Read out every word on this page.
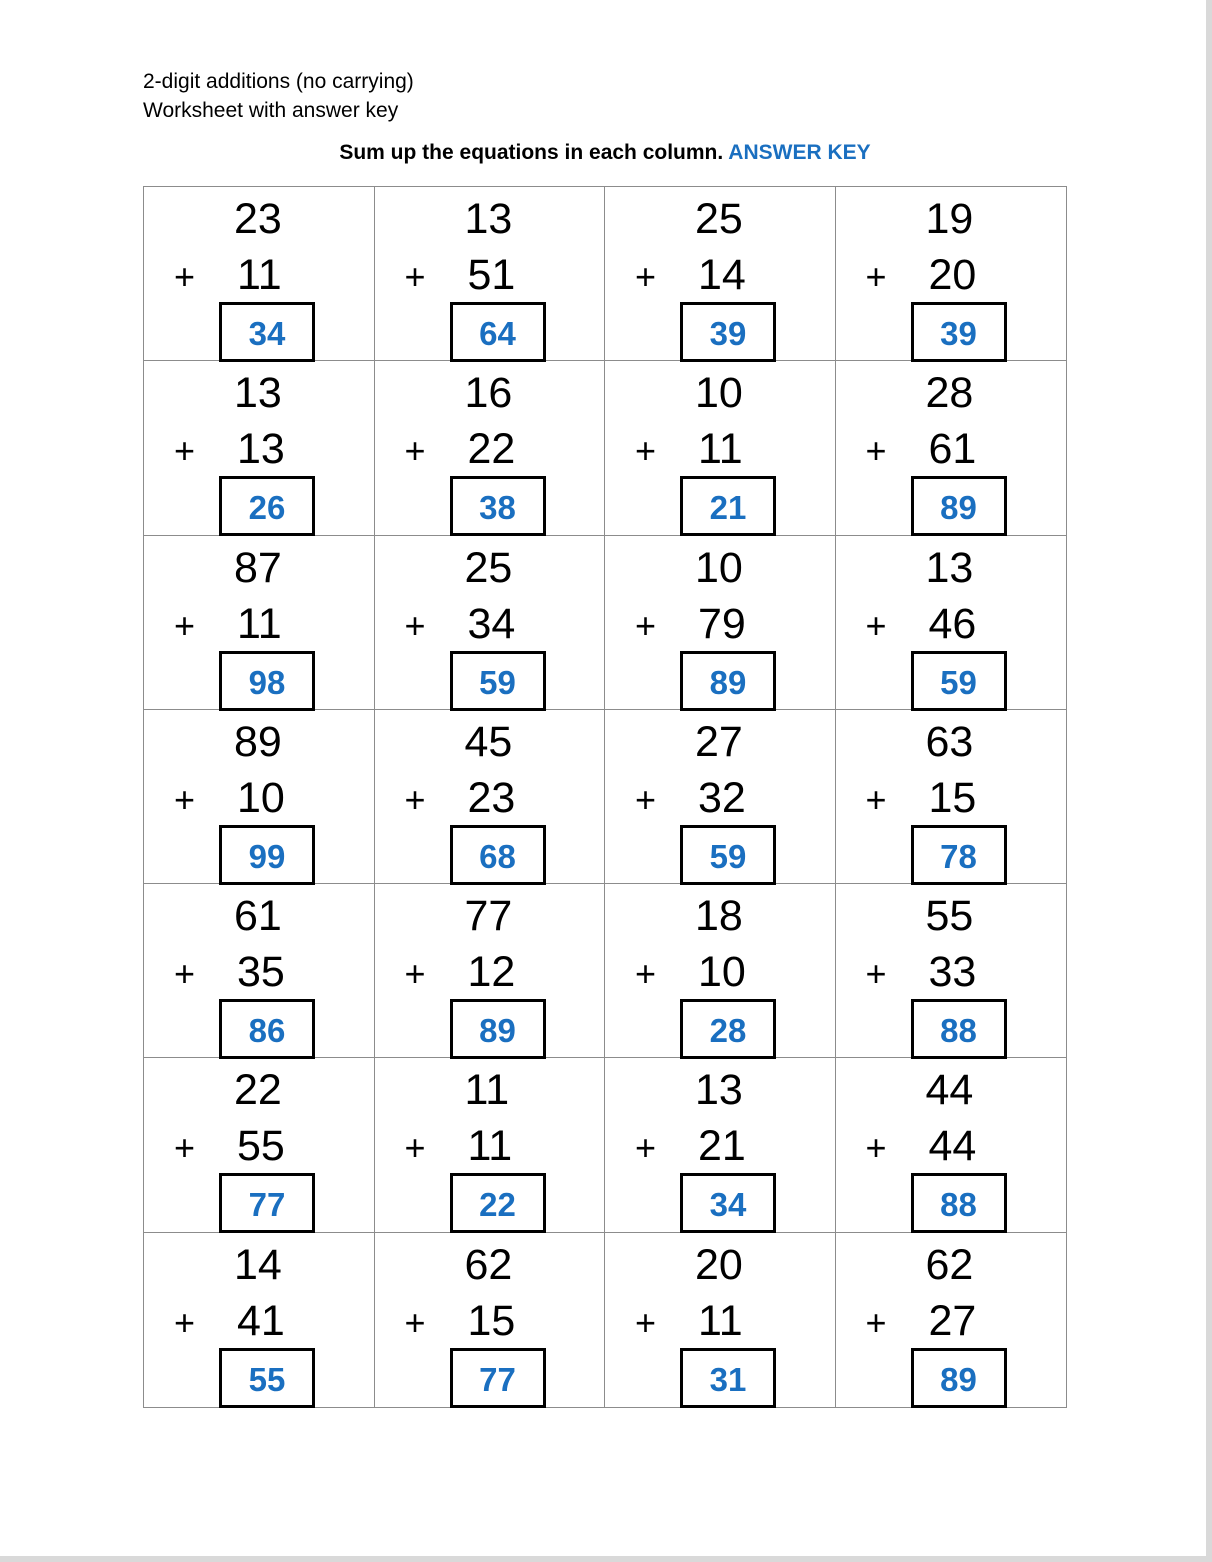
2-digit additions (no carrying)
Worksheet with answer key
Sum up the equations in each column. ANSWER KEY
23
+ 11
34
13
+ 51
64
25
+ 14
39
19
+ 20
39
13
+ 13
26
16
+ 22
38
10
+ 11
21
28
+ 61
89
87
+ 11
98
25
+ 34
59
10
+ 79
89
13
+ 46
59
89
+ 10
99
45
+ 23
68
27
+ 32
59
63
+ 15
78
61
+ 35
86
77
+ 12
89
18
+ 10
28
55
+ 33
88
22
+ 55
77
11
+ 11
22
13
+ 21
34
44
+ 44
88
14
+ 41
55
62
+ 15
77
20
+ 11
31
62
+ 27
89
